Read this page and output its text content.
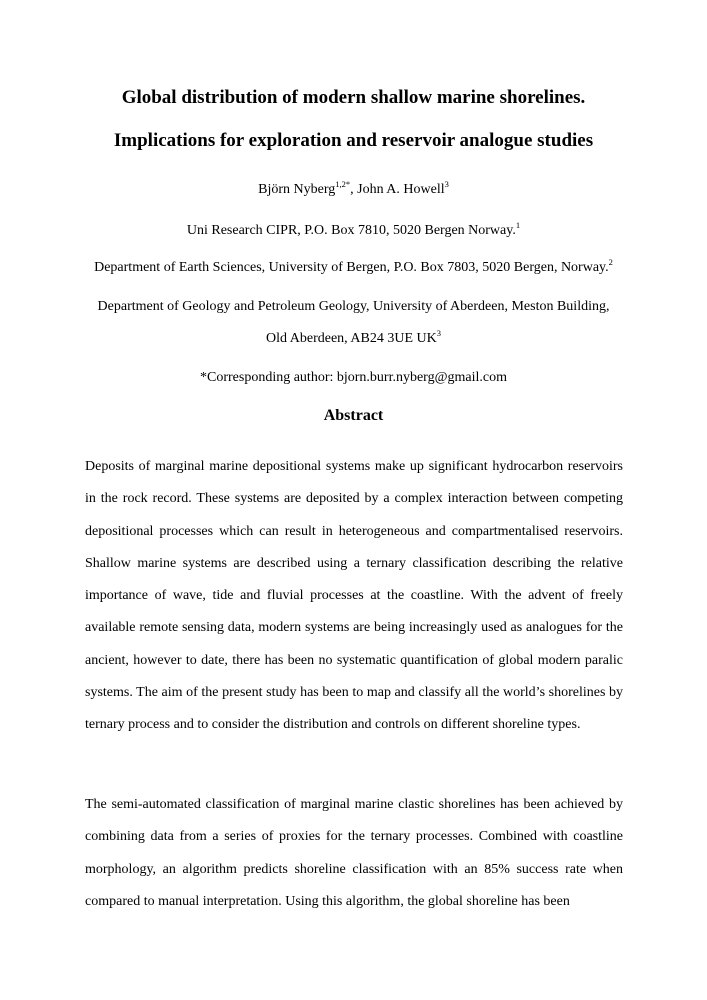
Global distribution of modern shallow marine shorelines.
Implications for exploration and reservoir analogue studies

Björn Nyberg$^{1,2*}$, John A. Howell$^3$

Uni Research CIPR, P.O. Box 7810, 5020 Bergen Norway.$^1$

Department of Earth Sciences, University of Bergen, P.O. Box 7803, 5020 Bergen, Norway.$^2$

Department of Geology and Petroleum Geology, University of Aberdeen, Meston Building,

Old Aberdeen, AB24 3UE $UK^3$

*Corresponding author: bjorn.burr.nyberg@gmail.com

Abstract

Deposits of marginal marine depositional systems make up significant hydrocarbon reservoirs in the rock record. These systems are deposited by a complex interaction between competing depositional processes which can result in heterogeneous and compartmentalised reservoirs. Shallow marine systems are described using a ternary classification describing the relative importance of wave, tide and fluvial processes at the coastline. With the advent of freely available remote sensing data, modern systems are being increasingly used as analogues for the ancient, however to date, there has been no systematic quantification of global modern paralic systems. The aim of the present study has been to map and classify all the world’s shorelines by ternary process and to consider the distribution and controls on different shoreline types.

The semi-automated classification of marginal marine clastic shorelines has been achieved by combining data from a series of proxies for the ternary processes. Combined with coastline morphology, an algorithm predicts shoreline classification with an 85% success rate when compared to manual interpretation. Using this algorithm, the global shoreline has been
